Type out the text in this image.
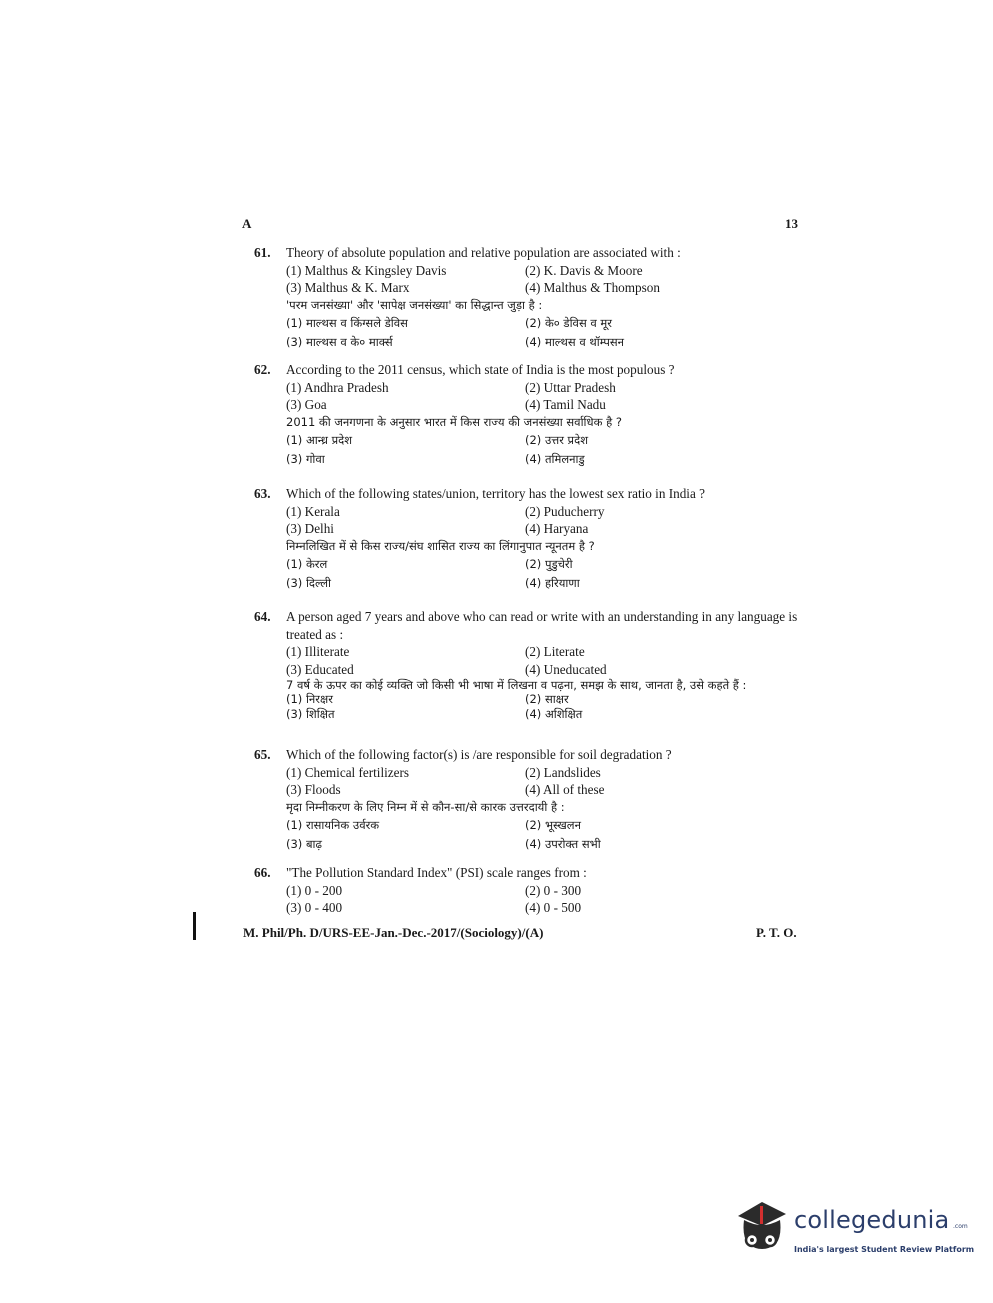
A	13
61.	Theory of absolute population and relative population are associated with :
(1) Malthus & Kingsley Davis	(2) K. Davis & Moore
(3) Malthus & K. Marx	(4) Malthus & Thompson
'परम जनसंख्या' और 'सापेक्ष जनसंख्या' का सिद्धान्त जुड़ा है :
(1) माल्थस व किंग्सले डेविस	(2) के० डेविस व मूर
(3) माल्थस व के० मार्क्स	(4) माल्थस व थॉम्पसन
62.	According to the 2011 census, which state of India is the most populous ?
(1) Andhra Pradesh	(2) Uttar Pradesh
(3) Goa	(4) Tamil Nadu
2011 की जनगणना के अनुसार भारत में किस राज्य की जनसंख्या सर्वाधिक है ?
(1) आन्ध्र प्रदेश	(2) उत्तर प्रदेश
(3) गोवा	(4) तमिलनाडु
63.	Which of the following states/union, territory has the lowest sex ratio in India ?
(1) Kerala	(2) Puducherry
(3) Delhi	(4) Haryana
निम्नलिखित में से किस राज्य/संघ शासित राज्य का लिंगानुपात न्यूनतम है ?
(1) केरल	(2) पुडुचेरी
(3) दिल्ली	(4) हरियाणा
64.	A person aged 7 years and above who can read or write with an understanding in any language is treated as :
(1) Illiterate	(2) Literate
(3) Educated	(4) Uneducated
7 वर्ष के ऊपर का कोई व्यक्ति जो किसी भी भाषा में लिखना व पढ़ना, समझ के साथ, जानता है, उसे कहते हैं :
(1) निरक्षर	(2) साक्षर
(3) शिक्षित	(4) अशिक्षित
65.	Which of the following factor(s) is /are responsible for soil degradation ?
(1) Chemical fertilizers	(2) Landslides
(3) Floods	(4) All of these
मृदा निम्नीकरण के लिए निम्न में से कौन-सा/से कारक उत्तरदायी है :
(1) रासायनिक उर्वरक	(2) भूस्खलन
(3) बाढ़	(4) उपरोक्त सभी
66.	"The Pollution Standard Index" (PSI) scale ranges from :
(1) 0 - 200	(2) 0 - 300
(3) 0 - 400	(4) 0 - 500
M. Phil/Ph. D/URS-EE-Jan.-Dec.-2017/(Sociology)/(A)	P. T. O.
collegedunia .com
India's largest Student Review Platform
